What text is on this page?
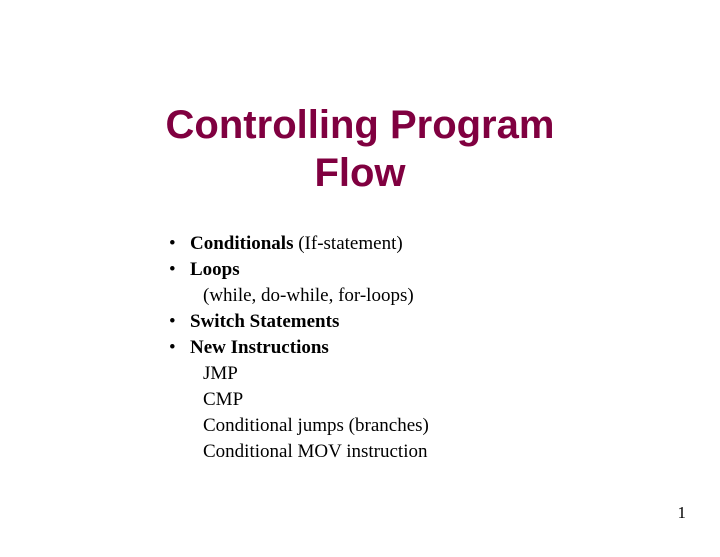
Controlling Program
Flow
• Conditionals (If-statement)
• Loops
(while, do-while, for-loops)
• Switch Statements
• New Instructions
JMP
CMP
Conditional jumps (branches)
Conditional MOV instruction
1
